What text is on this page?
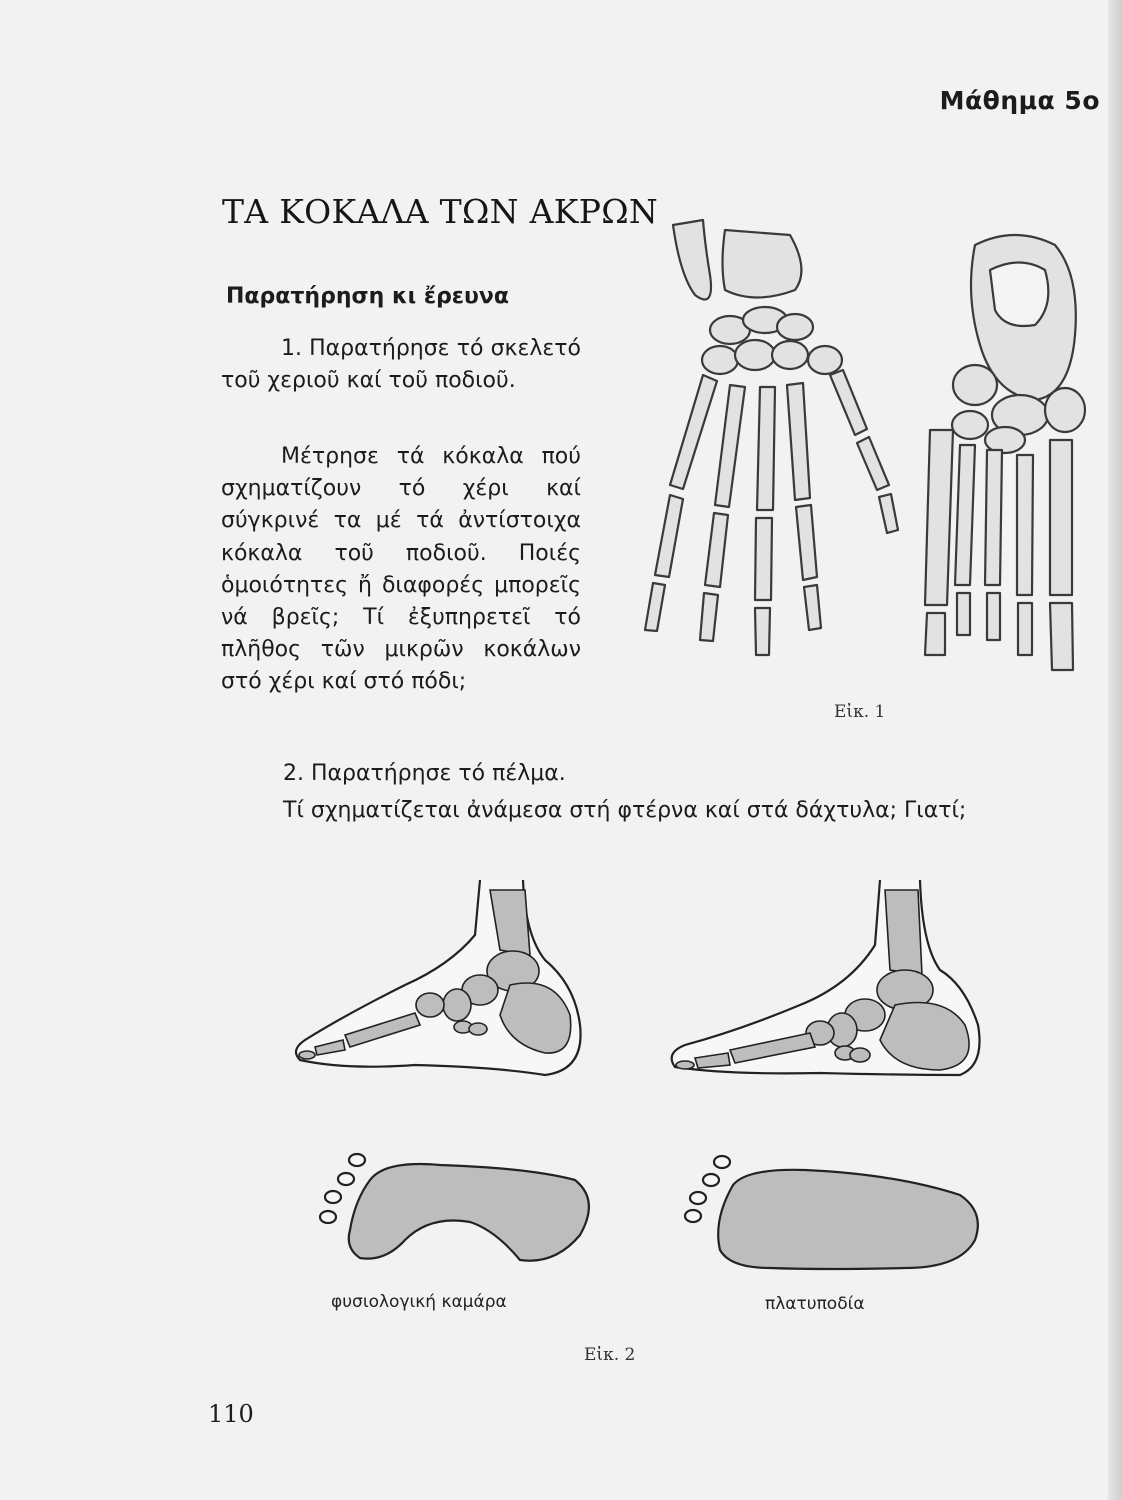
Μάθημα 5ο
ΤΑ ΚΟΚΑΛΑ ΤΩΝ ΑΚΡΩΝ
Παρατήρηση κι ἔρευνα
1. Παρατήρησε τό σκελετό τοῦ χεριοῦ καί τοῦ ποδιοῦ.
Μέτρησε τά κόκαλα πού σχηματίζουν τό χέρι καί σύγκρινέ τα μέ τά ἀντίστοιχα κόκαλα τοῦ ποδιοῦ. Ποιές ὁμοιότητες ἤ διαφορές μπορεῖς νά βρεῖς; Τί ἐξυπηρετεῖ τό πλῆθος τῶν μικρῶν κοκάλων στό χέρι καί στό πόδι;
2. Παρατήρησε τό πέλμα.
Τί σχηματίζεται ἀνάμεσα στή φτέρνα καί στά δάχτυλα; Γιατί;
Εἰκ. 1
φυσιολογική καμάρα	πλατυποδία
Εἰκ. 2
110
